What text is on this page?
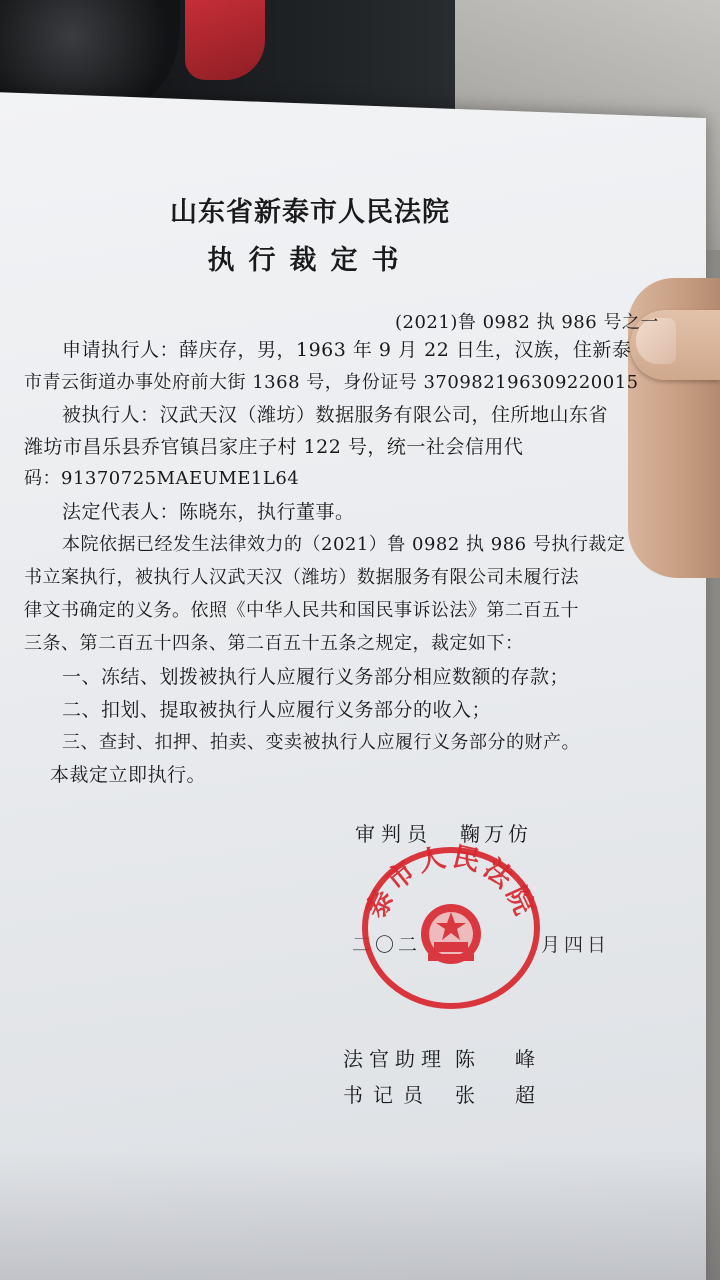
山东省新泰市人民法院
执行裁定书
(2021)鲁 0982 执 986 号之一
申请执行人：薛庆存，男，1963 年 9 月 22 日生，汉族，住新泰
市青云街道办事处府前大街 1368 号，身份证号 370982196309220015
被执行人：汉武天汉（潍坊）数据服务有限公司，住所地山东省
潍坊市昌乐县乔官镇吕家庄子村 122 号，统一社会信用代
码：91370725MAEUME1L64
法定代表人：陈晓东，执行董事。
本院依据已经发生法律效力的（2021）鲁 0982 执 986 号执行裁定
书立案执行，被执行人汉武天汉（潍坊）数据服务有限公司未履行法
律文书确定的义务。依照《中华人民共和国民事诉讼法》第二百五十
三条、第二百五十四条、第二百五十五条之规定，裁定如下：
一、冻结、划拨被执行人应履行义务部分相应数额的存款；
二、扣划、提取被执行人应履行义务部分的收入；
三、查封、扣押、拍卖、变卖被执行人应履行义务部分的财产。
本裁定立即执行。
审判员 鞠万仿
二〇二	月四日
泰市人民法院
法官助理 陈　　峰
书记员 张　　超
